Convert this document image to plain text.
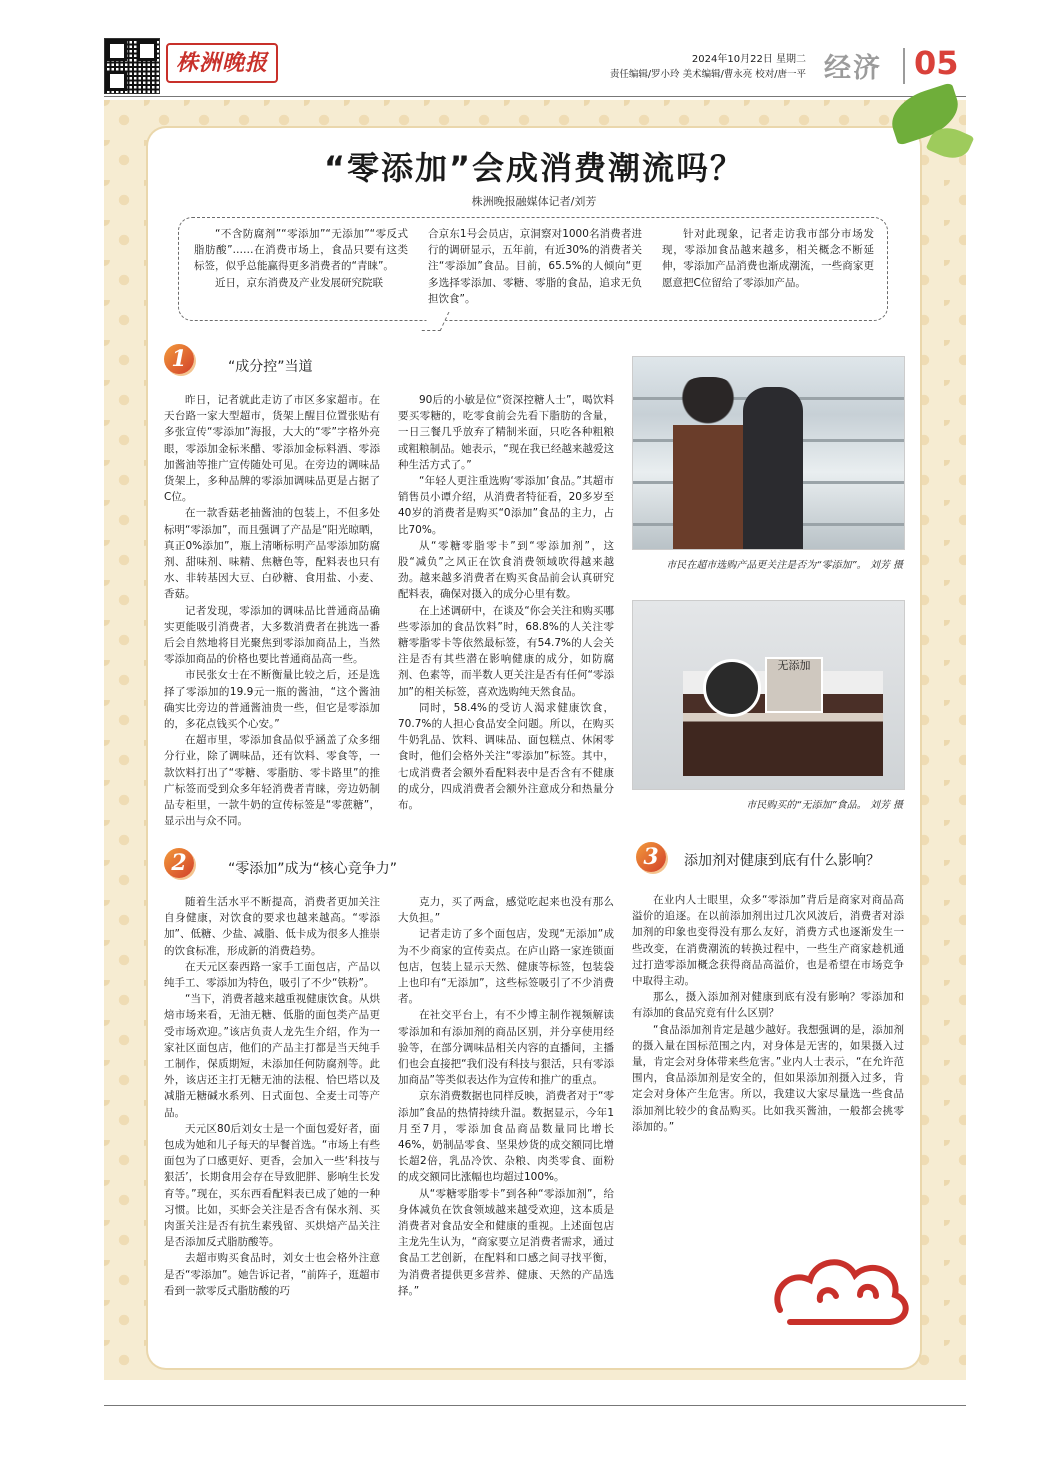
株洲晚报	2024年10月22日 星期二
责任编辑/罗小玲 美术编辑/曹永亮 校对/唐一平 经济 05
“零添加”会成消费潮流吗？
株洲晚报融媒体记者/刘芳

“不含防腐剂”“零添加”“无添加”“零反式脂肪酸”……在消费市场上，食品只要有这类标签，似乎总能赢得更多消费者的“青睐”。

近日，京东消费及产业发展研究院联

合京东1号会员店，京洞察对1000名消费者进行的调研显示，五年前，有近30%的消费者关注“零添加”食品。目前，65.5%的人倾向“更多选择零添加、零糖、零脂的食品，追求无负担饮食”。

针对此现象，记者走访我市部分市场发现，零添加食品越来越多，相关概念不断延伸，零添加产品消费也渐成潮流，一些商家更愿意把C位留给了零添加产品。

1	“成分控”当道

昨日，记者就此走访了市区多家超市。在天台路一家大型超市，货架上醒目位置张贴有多张宣传“零添加”海报，大大的“零”字格外亮眼，零添加金标米醋、零添加金标料酒、零添加酱油等推广宣传随处可见。在旁边的调味品货架上，多种品牌的零添加调味品更是占据了C位。

在一款香菇老抽酱油的包装上，不但多处标明“零添加”，而且强调了产品是“阳光晾晒，真正0%添加”，瓶上清晰标明产品零添加防腐剂、甜味剂、味精、焦糖色等，配料表也只有水、非转基因大豆、白砂糖、食用盐、小麦、香菇。

记者发现，零添加的调味品比普通商品确实更能吸引消费者，大多数消费者在挑选一番后会自然地将目光聚焦到零添加商品上，当然零添加商品的价格也要比普通商品高一些。

市民张女士在不断衡量比较之后，还是选择了零添加的19.9元一瓶的酱油，“这个酱油确实比旁边的普通酱油贵一些，但它是零添加的，多花点钱买个心安。”

在超市里，零添加食品似乎涵盖了众多细分行业，除了调味品，还有饮料、零食等，一款饮料打出了“零糖、零脂肪、零卡路里”的推广标签而受到众多年轻消费者青睐，旁边奶制品专柜里，一款牛奶的宣传标签是“零蔗糖”，显示出与众不同。

90后的小敏是位“资深控糖人士”，喝饮料要买零糖的，吃零食前会先看下脂肪的含量，一日三餐几乎放弃了精制米面，只吃各种粗粮或粗粮制品。她表示，“现在我已经越来越爱这种生活方式了。”

“年轻人更注重选购‘零添加’食品。”其超市销售员小谭介绍，从消费者特征看，20多岁至40岁的消费者是购买“0添加”食品的主力，占比70%。

从“零糖零脂零卡”到“零添加剂”，这股“减负”之风正在饮食消费领域吹得越来越劲。越来越多消费者在购买食品前会认真研究配料表，确保对摄入的成分心里有数。

在上述调研中，在谈及“你会关注和购买哪些零添加的食品饮料”时，68.8%的人关注零糖零脂零卡等依然最标签，有54.7%的人会关注是否有其些潜在影响健康的成分，如防腐剂、色素等，而半数人更关注是否有任何“零添加”的相关标签，喜欢选购纯天然食品。

同时，58.4%的受访人渴求健康饮食，70.7%的人担心食品安全问题。所以，在购买牛奶乳品、饮料、调味品、面包糕点、休闲零食时，他们会格外关注“零添加”标签。其中，七成消费者会额外看配料表中是否含有不健康的成分，四成消费者会额外注意成分和热量分布。

市民在超市选购产品更关注是否为“零添加”。 刘芳 摄
无添加
市民购买的“无添加”食品。 刘芳 摄
2	“零添加”成为“核心竞争力”

随着生活水平不断提高，消费者更加关注自身健康，对饮食的要求也越来越高。“零添加”、低糖、少盐、减脂、低卡成为很多人推崇的饮食标准，形成新的消费趋势。

在天元区泰西路一家手工面包店，产品以纯手工、零添加为特色，吸引了不少“铁粉”。

“当下，消费者越来越重视健康饮食。从烘焙市场来看，无油无糖、低脂的面包类产品更受市场欢迎。”该店负责人龙先生介绍，作为一家社区面包店，他们的产品主打都是当天纯手工制作，保质期短，未添加任何防腐剂等。此外，该店还主打无糖无油的法棍、恰巴塔以及减脂无糖碱水系列、日式面包、全麦士司等产品。

天元区80后刘女士是一个面包爱好者，面包成为她和儿子每天的早餐首选。“市场上有些面包为了口感更好、更香，会加入一些‘科技与狠活’，长期食用会存在导致肥胖、影响生长发育等。”现在，买东西看配料表已成了她的一种习惯。比如，买虾会关注是否含有保水剂、买肉蛋关注是否有抗生素残留、买烘焙产品关注是否添加反式脂肪酸等。

去超市购买食品时，刘女士也会格外注意是否“零添加”。她告诉记者，“前阵子，逛超市看到一款零反式脂肪酸的巧

克力，买了两盒，感觉吃起来也没有那么大负担。”

记者走访了多个面包店，发现“无添加”成为不少商家的宣传卖点。在庐山路一家连锁面包店，包装上显示天然、健康等标签，包装袋上也印有“无添加”，这些标签吸引了不少消费者。

在社交平台上，有不少博主制作视频解读零添加和有添加剂的商品区别，并分享使用经验等，在部分调味品相关内容的直播间，主播们也会直接把“我们没有科技与狠活，只有零添加商品”等类似表达作为宣传和推广的重点。

京东消费数据也同样反映，消费者对于“零添加”食品的热情持续升温。数据显示，今年1月至7月，零添加食品商品数量同比增长46%，奶制品零食、坚果炒货的成交额同比增长超2倍，乳品冷饮、杂粮、肉类零食、面粉的成交额同比涨幅也均超过100%。

从“零糖零脂零卡”到各种“零添加剂”，给身体减负在饮食领域越来越受欢迎，这本质是消费者对食品安全和健康的重视。上述面包店主龙先生认为，“商家要立足消费者需求，通过食品工艺创新，在配料和口感之间寻找平衡，为消费者提供更多营养、健康、天然的产品选择。”

3	添加剂对健康到底有什么影响？

在业内人士眼里，众多“零添加”背后是商家对商品高溢价的追逐。在以前添加剂出过几次风波后，消费者对添加剂的印象也变得没有那么友好，消费方式也逐渐发生一些改变，在消费潮流的转换过程中，一些生产商家趁机通过打造零添加概念获得商品高溢价，也是希望在市场竞争中取得主动。

那么，摄入添加剂对健康到底有没有影响？零添加和有添加的食品究竟有什么区别？

“食品添加剂肯定是越少越好。我想强调的是，添加剂的摄入量在国标范围之内，对身体是无害的，如果摄入过量，肯定会对身体带来些危害。”业内人士表示，“在允许范围内，食品添加剂是安全的，但如果添加剂摄入过多，肯定会对身体产生危害。所以，我建议大家尽量选一些食品添加剂比较少的食品购买。比如我买酱油，一般都会挑零添加的。”
